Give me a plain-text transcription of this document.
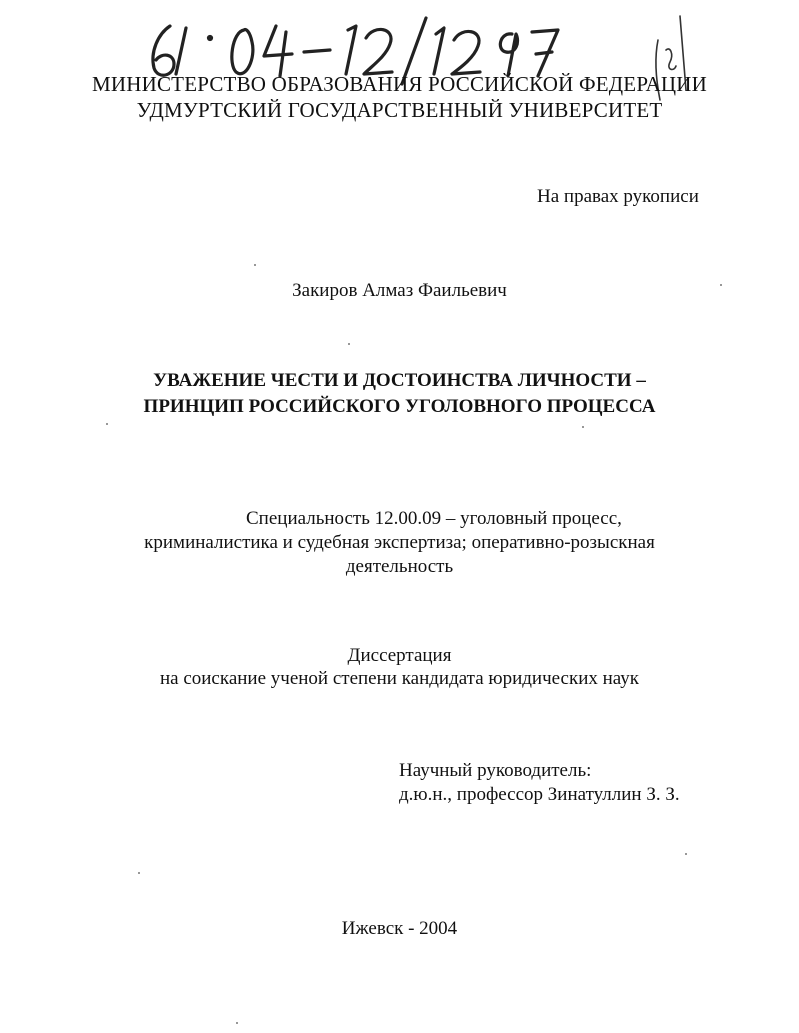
МИНИСТЕРСТВО ОБРАЗОВАНИЯ РОССИЙСКОЙ ФЕДЕРАЦИИ
УДМУРТСКИЙ ГОСУДАРСТВЕННЫЙ УНИВЕРСИТЕТ
На правах рукописи
Закиров Алмаз Фаильевич
УВАЖЕНИЕ ЧЕСТИ И ДОСТОИНСТВА ЛИЧНОСТИ –
ПРИНЦИП РОССИЙСКОГО УГОЛОВНОГО ПРОЦЕССА
Специальность 12.00.09 – уголовный процесс,
криминалистика и судебная экспертиза; оперативно-розыскная
деятельность
Диссертация
на соискание ученой степени кандидата юридических наук
Научный руководитель:
д.ю.н., профессор Зинатуллин З. З.
Ижевск - 2004
